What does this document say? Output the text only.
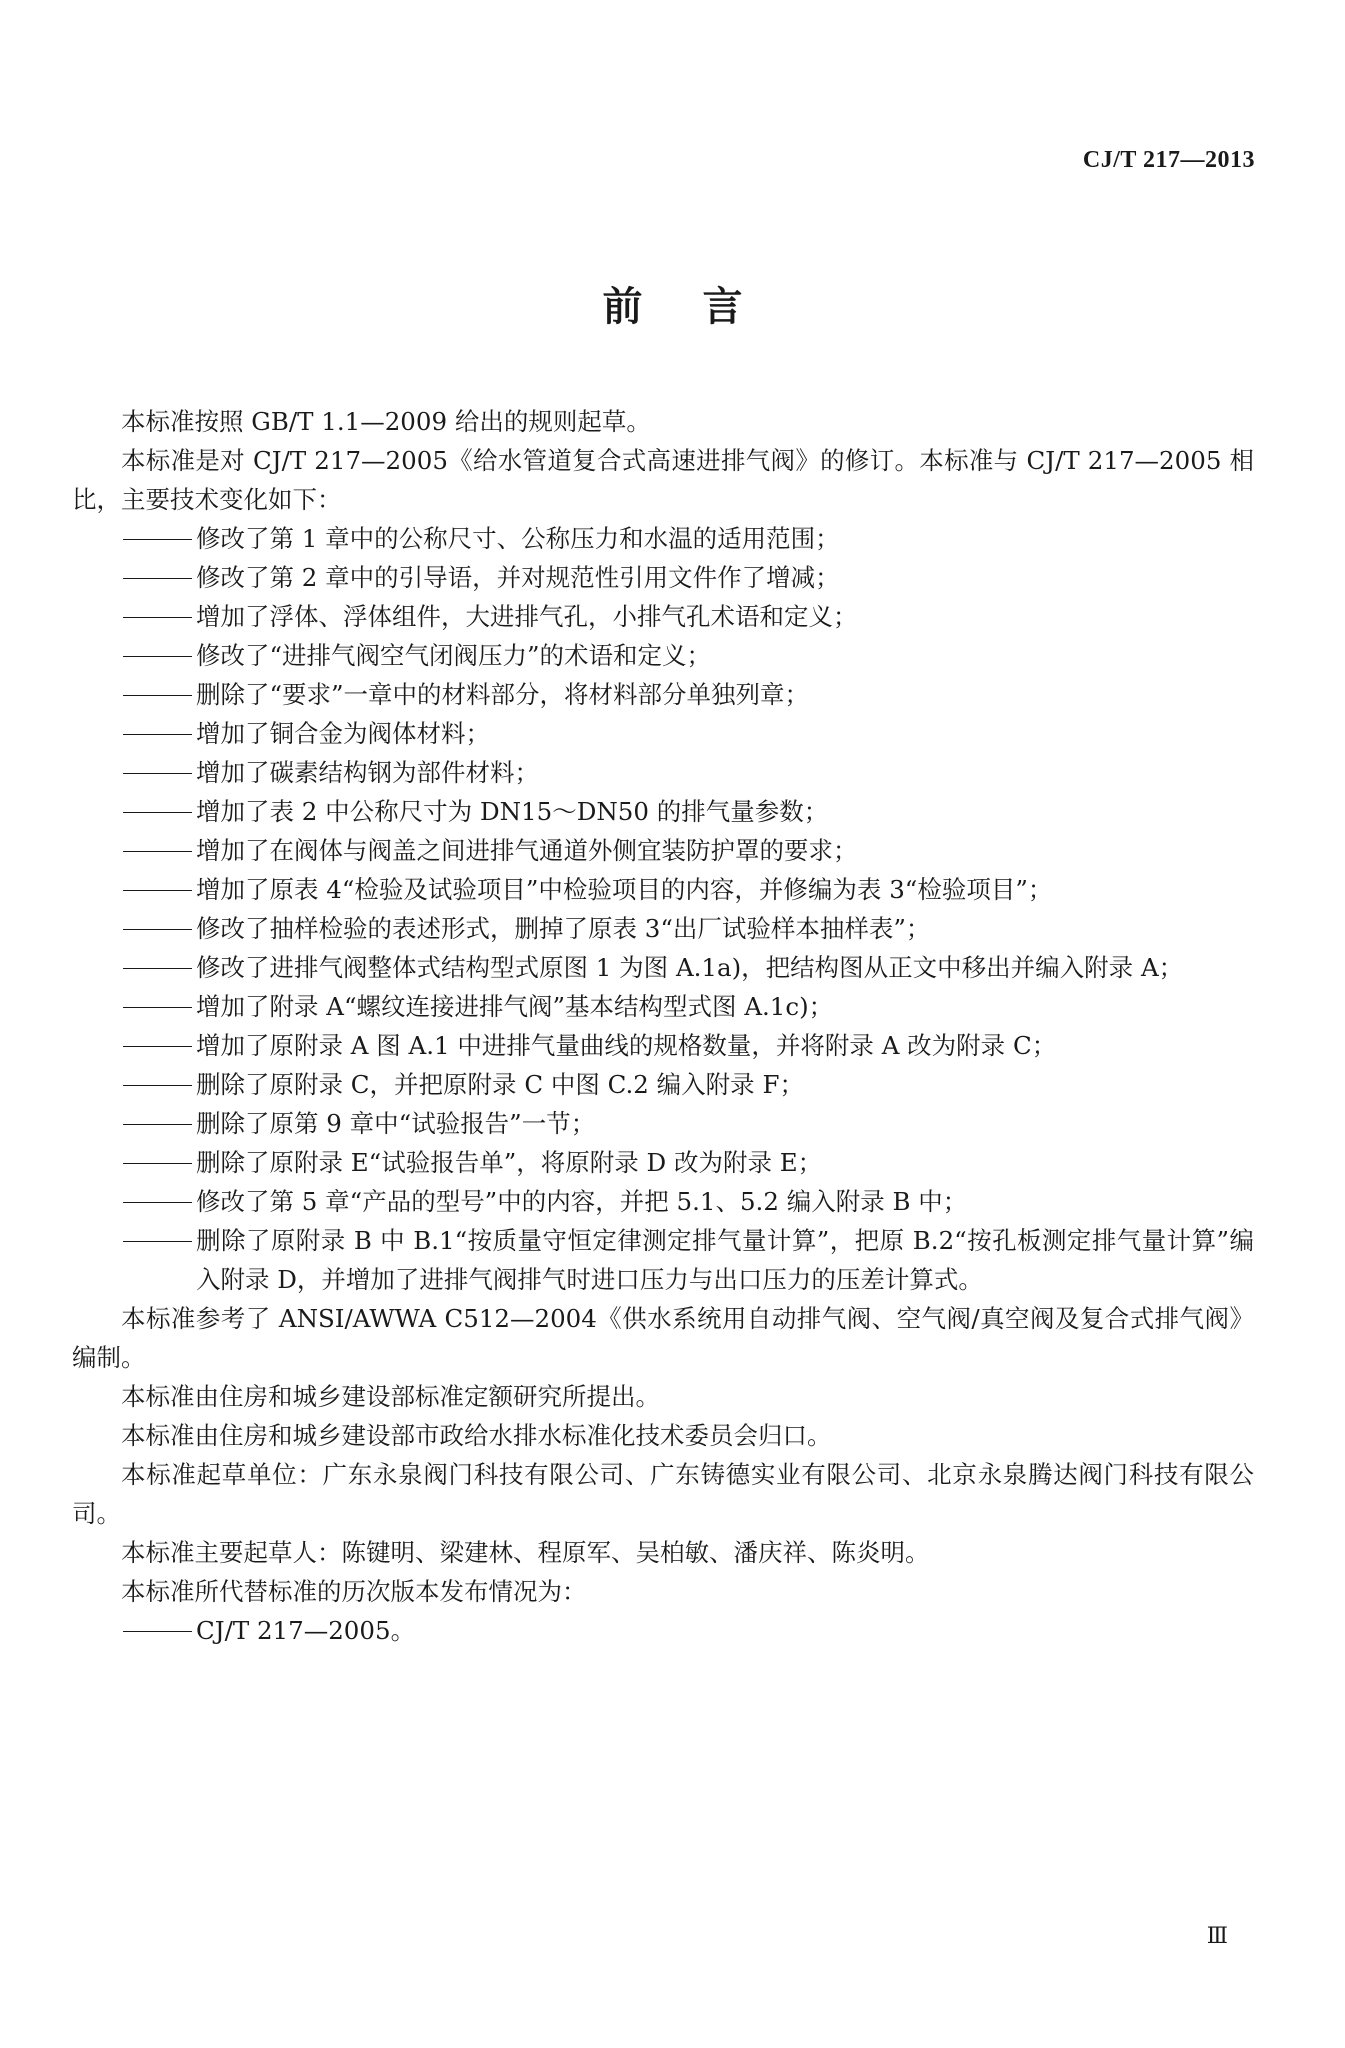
CJ/T 217—2013
前言

本标准按照 GB/T 1.1—2009 给出的规则起草。

本标准是对 CJ/T 217—2005《给水管道复合式高速进排气阀》的修订。本标准与 CJ/T 217—2005 相比，主要技术变化如下：

修改了第 1 章中的公称尺寸、公称压力和水温的适用范围；
修改了第 2 章中的引导语，并对规范性引用文件作了增减；
增加了浮体、浮体组件，大进排气孔，小排气孔术语和定义；
修改了“进排气阀空气闭阀压力”的术语和定义；
删除了“要求”一章中的材料部分，将材料部分单独列章；
增加了铜合金为阀体材料；
增加了碳素结构钢为部件材料；
增加了表 2 中公称尺寸为 DN15～DN50 的排气量参数；
增加了在阀体与阀盖之间进排气通道外侧宜装防护罩的要求；
增加了原表 4“检验及试验项目”中检验项目的内容，并修编为表 3“检验项目”；
修改了抽样检验的表述形式，删掉了原表 3“出厂试验样本抽样表”；
修改了进排气阀整体式结构型式原图 1 为图 A.1a)，把结构图从正文中移出并编入附录 A；
增加了附录 A“螺纹连接进排气阀”基本结构型式图 A.1c)；
增加了原附录 A 图 A.1 中进排气量曲线的规格数量，并将附录 A 改为附录 C；
删除了原附录 C，并把原附录 C 中图 C.2 编入附录 F；
删除了原第 9 章中“试验报告”一节；
删除了原附录 E“试验报告单”，将原附录 D 改为附录 E；
修改了第 5 章“产品的型号”中的内容，并把 5.1、5.2 编入附录 B 中；
删除了原附录 B 中 B.1“按质量守恒定律测定排气量计算”，把原 B.2“按孔板测定排气量计算”编入附录 D，并增加了进排气阀排气时进口压力与出口压力的压差计算式。

本标准参考了 ANSI/AWWA C512—2004《供水系统用自动排气阀、空气阀/真空阀及复合式排气阀》编制。

本标准由住房和城乡建设部标准定额研究所提出。

本标准由住房和城乡建设部市政给水排水标准化技术委员会归口。

本标准起草单位：广东永泉阀门科技有限公司、广东铸德实业有限公司、北京永泉腾达阀门科技有限公司。

本标准主要起草人：陈键明、梁建林、程原军、吴柏敏、潘庆祥、陈炎明。

本标准所代替标准的历次版本发布情况为：

CJ/T 217—2005。
Ⅲ
